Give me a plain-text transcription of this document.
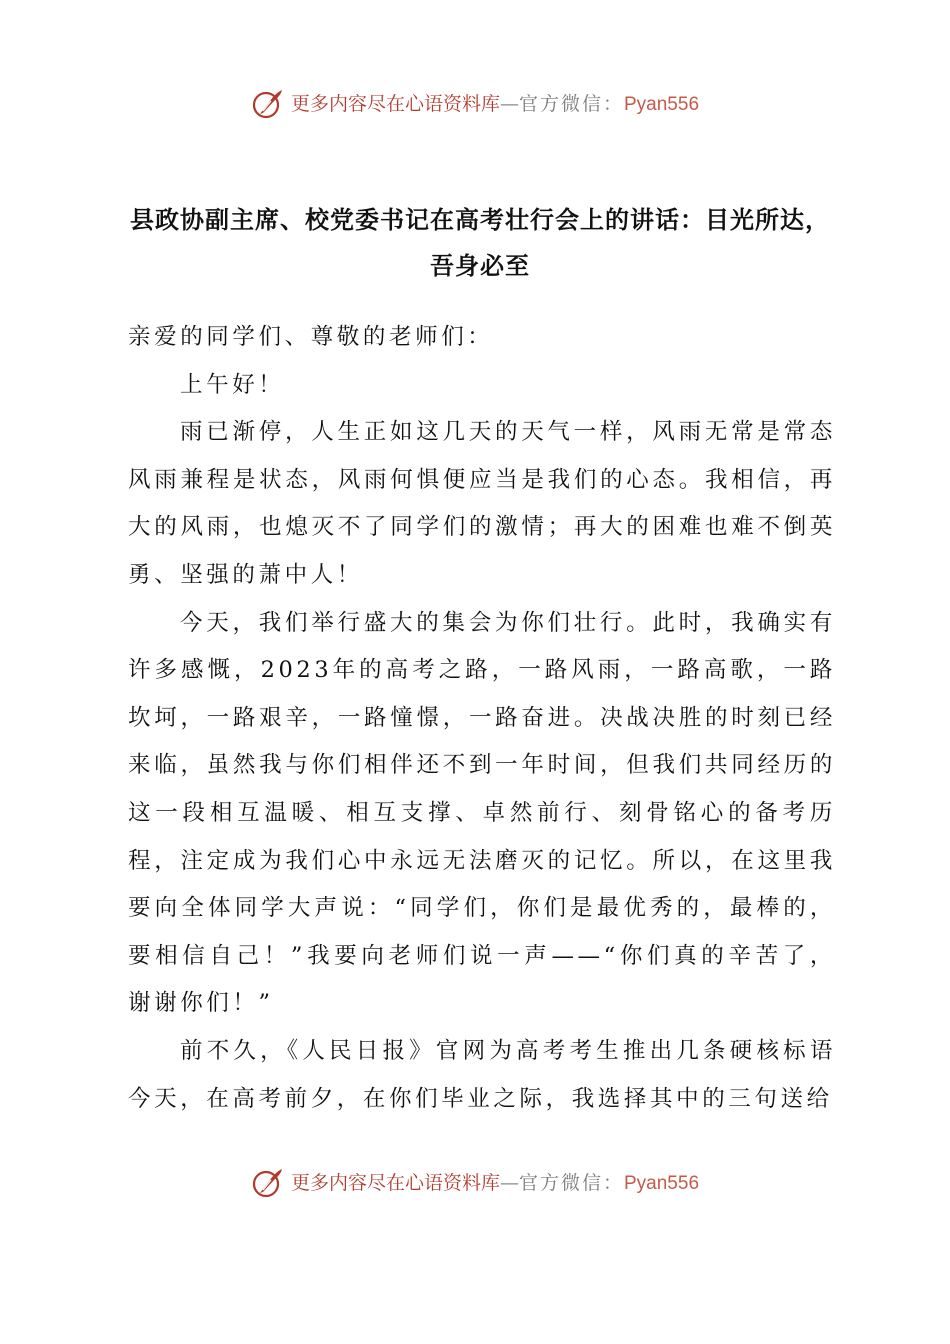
更多内容尽在心语资料库—官方微信：Pyan556
县政协副主席、校党委书记在高考壮行会上的讲话：目光所达，
吾身必至

亲爱的同学们、尊敬的老师们：

上午好！

雨已渐停，人生正如这几天的天气一样，风雨无常是常态风雨兼程是状态，风雨何惧便应当是我们的心态。我相信，再大的风雨，也熄灭不了同学们的激情；再大的困难也难不倒英勇、坚强的萧中人！

今天，我们举行盛大的集会为你们壮行。此时，我确实有许多感慨，2023年的高考之路，一路风雨，一路高歌，一路坎坷，一路艰辛，一路憧憬，一路奋进。决战决胜的时刻已经来临，虽然我与你们相伴还不到一年时间，但我们共同经历的这一段相互温暖、相互支撑、卓然前行、刻骨铭心的备考历程，注定成为我们心中永远无法磨灭的记忆。所以，在这里我要向全体同学大声说：“同学们，你们是最优秀的，最棒的，要相信自己！”我要向老师们说一声——“你们真的辛苦了，谢谢你们！”

前不久，《人民日报》官网为高考考生推出几条硬核标语今天，在高考前夕，在你们毕业之际，我选择其中的三句送给

更多内容尽在心语资料库—官方微信：Pyan556
